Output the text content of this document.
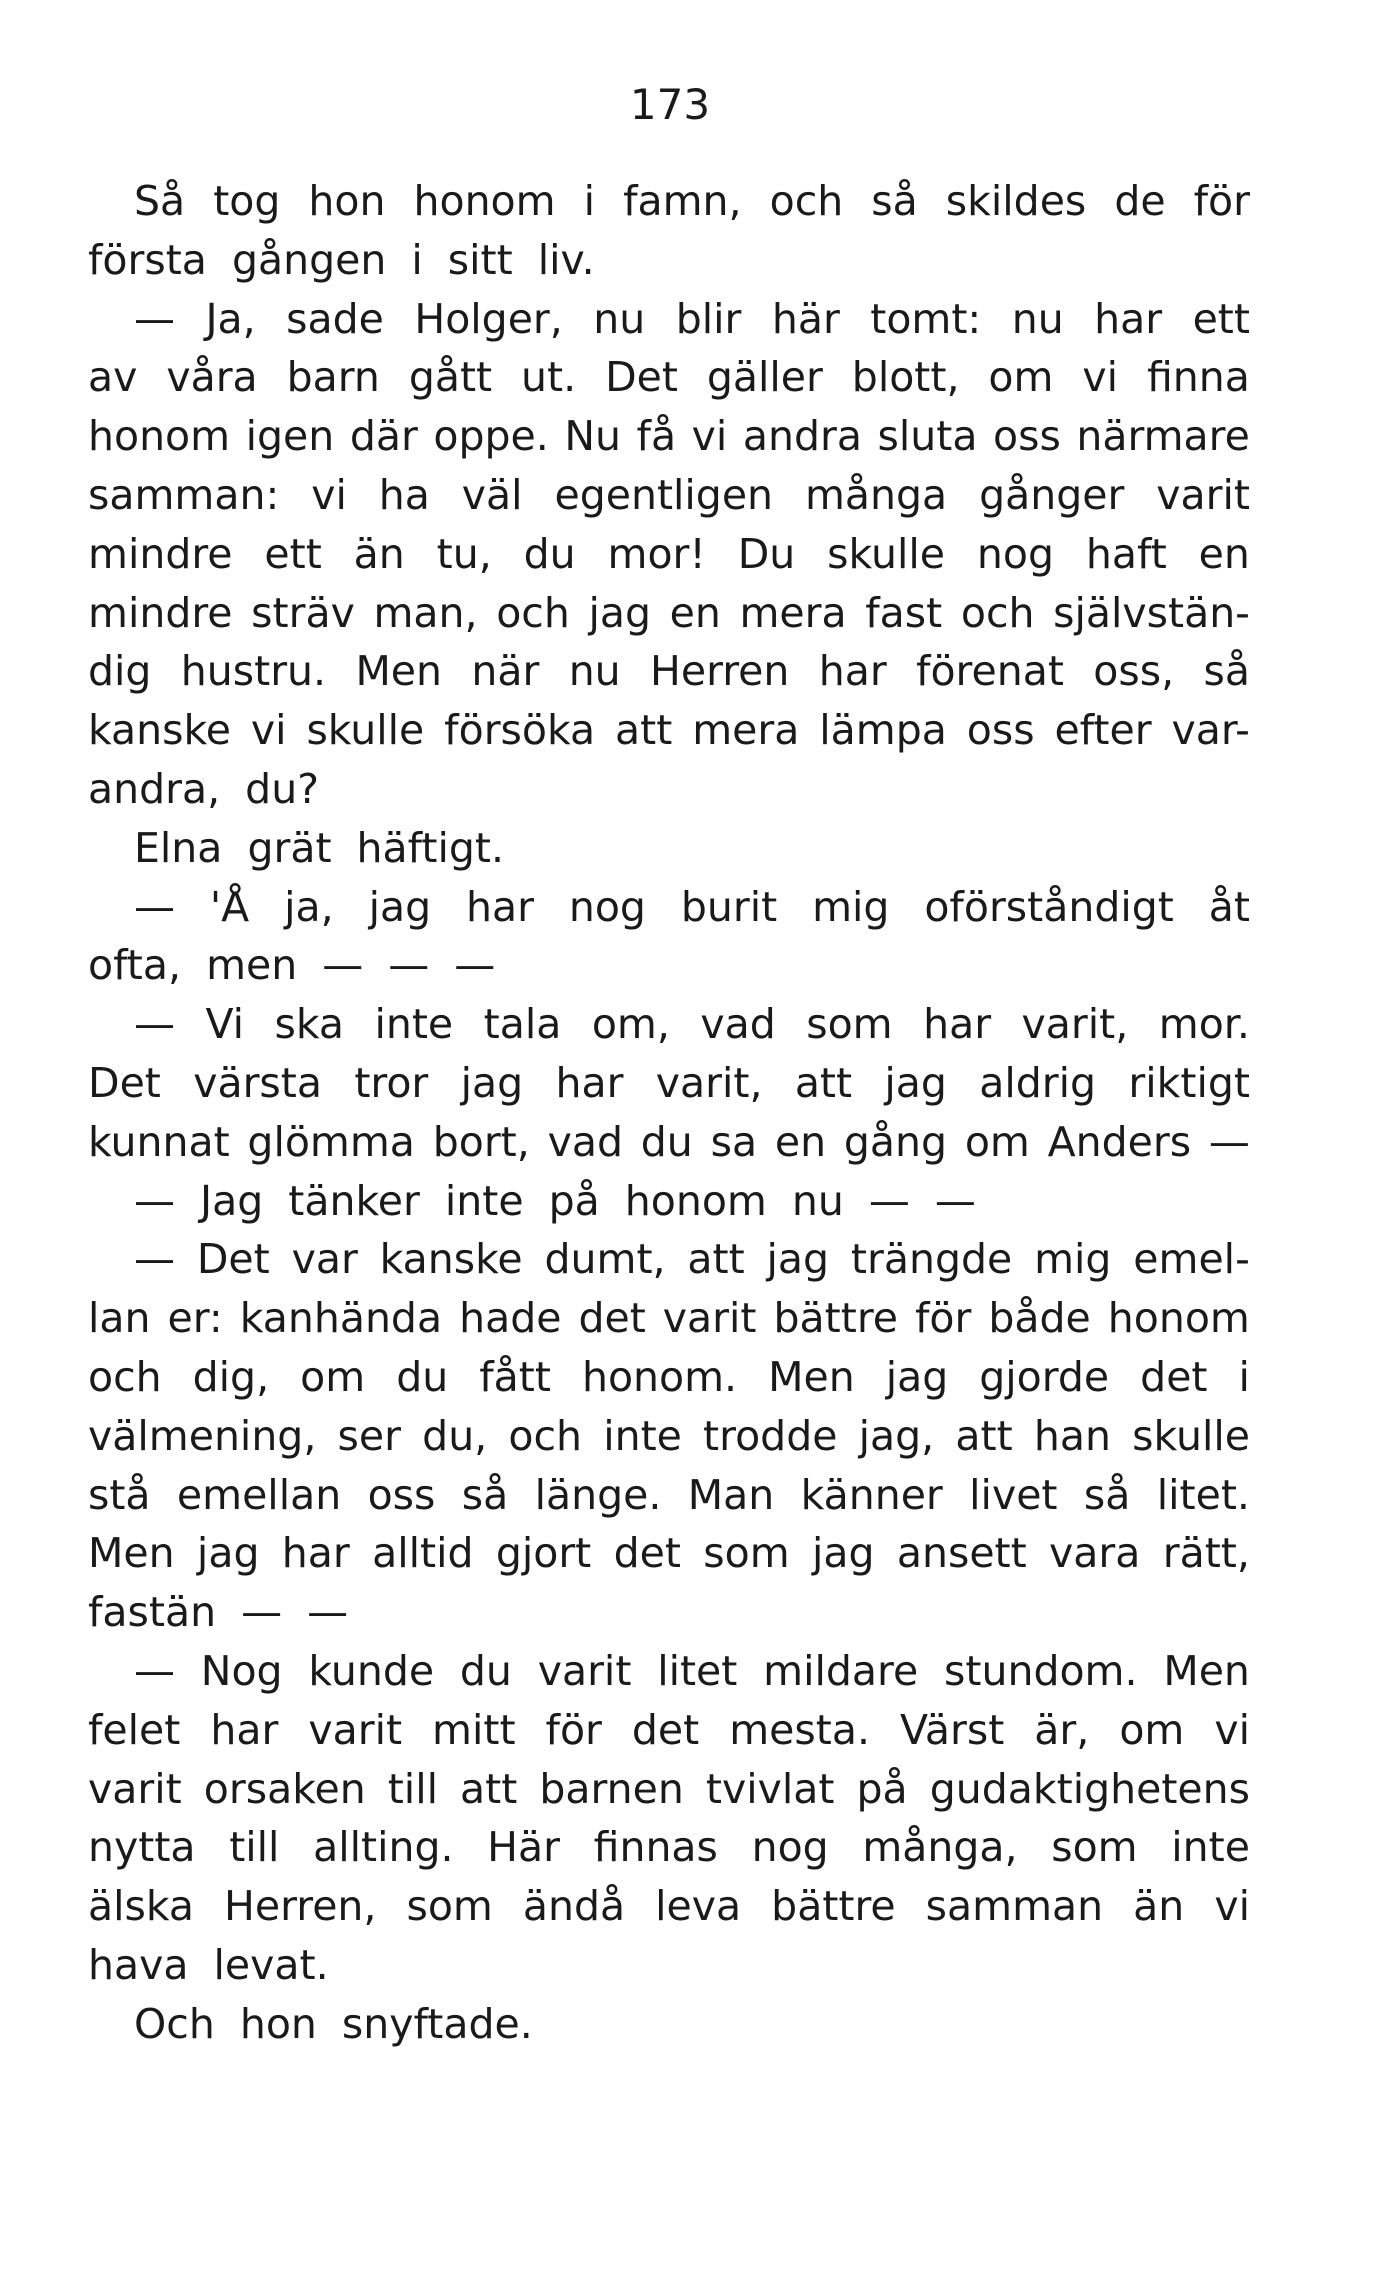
173
Så tog hon honom i famn, och så skildes de för
första gången i sitt liv.
— Ja, sade Holger, nu blir här tomt: nu har ett
av våra barn gått ut. Det gäller blott, om vi finna
honom igen där oppe. Nu få vi andra sluta oss närmare
samman: vi ha väl egentligen många gånger varit
mindre ett än tu, du mor! Du skulle nog haft en
mindre sträv man, och jag en mera fast och självstän-
dig hustru. Men när nu Herren har förenat oss, så
kanske vi skulle försöka att mera lämpa oss efter var-
andra, du?
Elna grät häftigt.
— 'Å ja, jag har nog burit mig oförståndigt åt
ofta, men — — —
— Vi ska inte tala om, vad som har varit, mor.
Det värsta tror jag har varit, att jag aldrig riktigt
kunnat glömma bort, vad du sa en gång om Anders —
— Jag tänker inte på honom nu — —
— Det var kanske dumt, att jag trängde mig emel-
lan er: kanhända hade det varit bättre för både honom
och dig, om du fått honom. Men jag gjorde det i
välmening, ser du, och inte trodde jag, att han skulle
stå emellan oss så länge. Man känner livet så litet.
Men jag har alltid gjort det som jag ansett vara rätt,
fastän — —
— Nog kunde du varit litet mildare stundom. Men
felet har varit mitt för det mesta. Värst är, om vi
varit orsaken till att barnen tvivlat på gudaktighetens
nytta till allting. Här finnas nog många, som inte
älska Herren, som ändå leva bättre samman än vi
hava levat.
Och hon snyftade.
